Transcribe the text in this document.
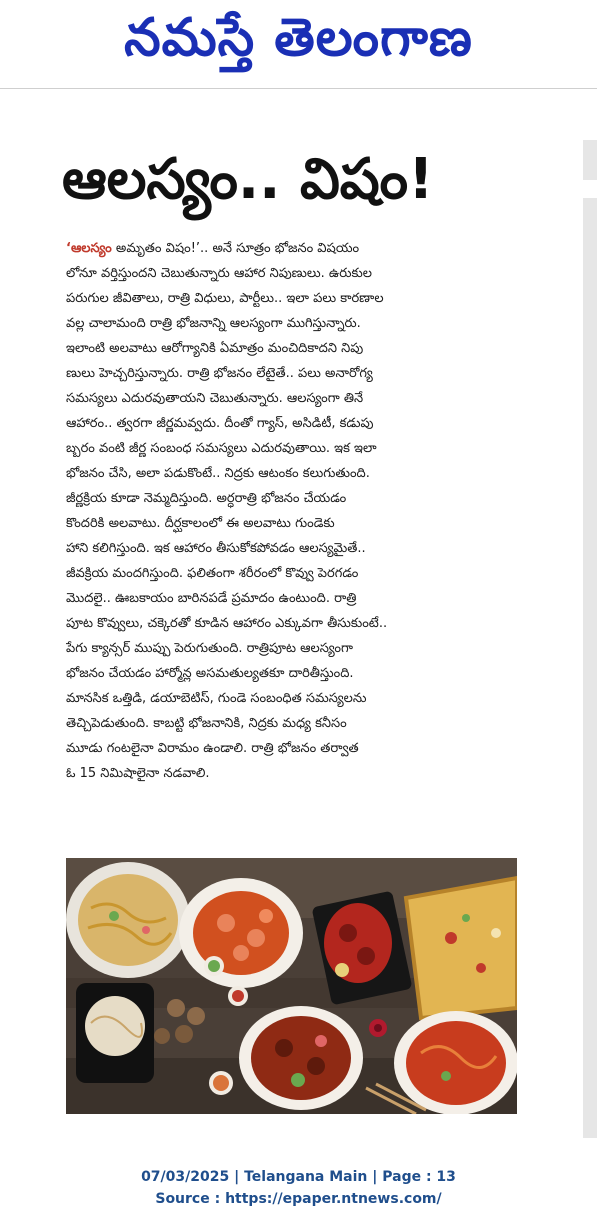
నమస్తే తెలంగాణ
ఆలస్యం.. విషం!
‘ఆలస్యం అమృతం విషం!’.. అనే సూత్రం భోజనం విషయం
లోనూ వర్తిస్తుందని చెబుతున్నారు ఆహార నిపుణులు. ఉరుకుల
పరుగుల జీవితాలు, రాత్రి విధులు, పార్టీలు.. ఇలా పలు కారణాల
వల్ల చాలామంది రాత్రి భోజనాన్ని ఆలస్యంగా ముగిస్తున్నారు.
ఇలాంటి అలవాటు ఆరోగ్యానికి ఏమాత్రం మంచిదికాదని నిపు
ణులు హెచ్చరిస్తున్నారు. రాత్రి భోజనం లేటైతే.. పలు అనారోగ్య
సమస్యలు ఎదురవుతాయని చెబుతున్నారు. ఆలస్యంగా తినే
ఆహారం.. త్వరగా జీర్ణమవ్వదు. దీంతో గ్యాస్, అసిడిటీ, కడుపు
బ్బరం వంటి జీర్ణ సంబంధ సమస్యలు ఎదురవుతాయి. ఇక ఇలా
భోజనం చేసి, అలా పడుకొంటే.. నిద్రకు ఆటంకం కలుగుతుంది.
జీర్ణక్రియ కూడా నెమ్మదిస్తుంది. అర్ధరాత్రి భోజనం చేయడం
కొందరికి అలవాటు. దీర్ఘకాలంలో ఈ అలవాటు గుండెకు
హాని కలిగిస్తుంది. ఇక ఆహారం తీసుకోకపోవడం ఆలస్యమైతే..
జీవక్రియ మందగిస్తుంది. ఫలితంగా శరీరంలో కొవ్వు పెరగడం
మొదలై.. ఊబకాయం బారినపడే ప్రమాదం ఉంటుంది. రాత్రి
పూట కొవ్వులు, చక్కెరతో కూడిన ఆహారం ఎక్కువగా తీసుకుంటే..
పేగు క్యాన్సర్ ముప్పు పెరుగుతుంది. రాత్రిపూట ఆలస్యంగా
భోజనం చేయడం హార్మోన్ల అసమతుల్యతకూ దారితీస్తుంది.
మానసిక ఒత్తిడి, డయాబెటిస్, గుండె సంబంధిత సమస్యలను
తెచ్చిపెడుతుంది. కాబట్టి భోజనానికి, నిద్రకు మధ్య కనీసం
మూడు గంటలైనా విరామం ఉండాలి. రాత్రి భోజనం తర్వాత
ఓ 15 నిమిషాలైనా నడవాలి.
07/03/2025 | Telangana Main | Page : 13
Source : https://epaper.ntnews.com/
